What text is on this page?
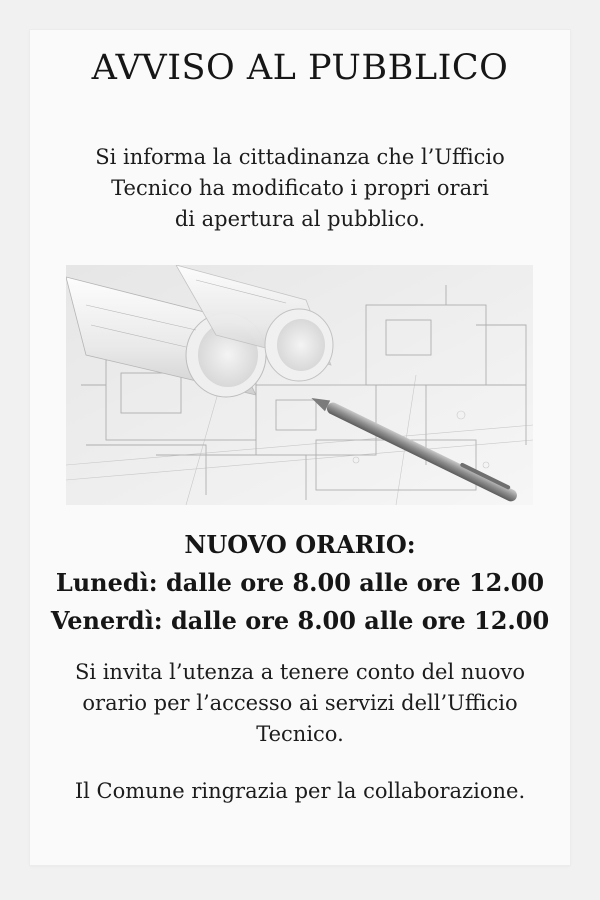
AVVISO AL PUBBLICO

Si informa la cittadinanza che l’Ufficio
Tecnico ha modificato i propri orari
di apertura al pubblico.

NUOVO ORARIO:
Lunedì: dalle ore 8.00 alle ore 12.00
Venerdì: dalle ore 8.00 alle ore 12.00

Si invita l’utenza a tenere conto del nuovo
orario per l’accesso ai servizi dell’Ufficio
Tecnico.

Il Comune ringrazia per la collaborazione.
